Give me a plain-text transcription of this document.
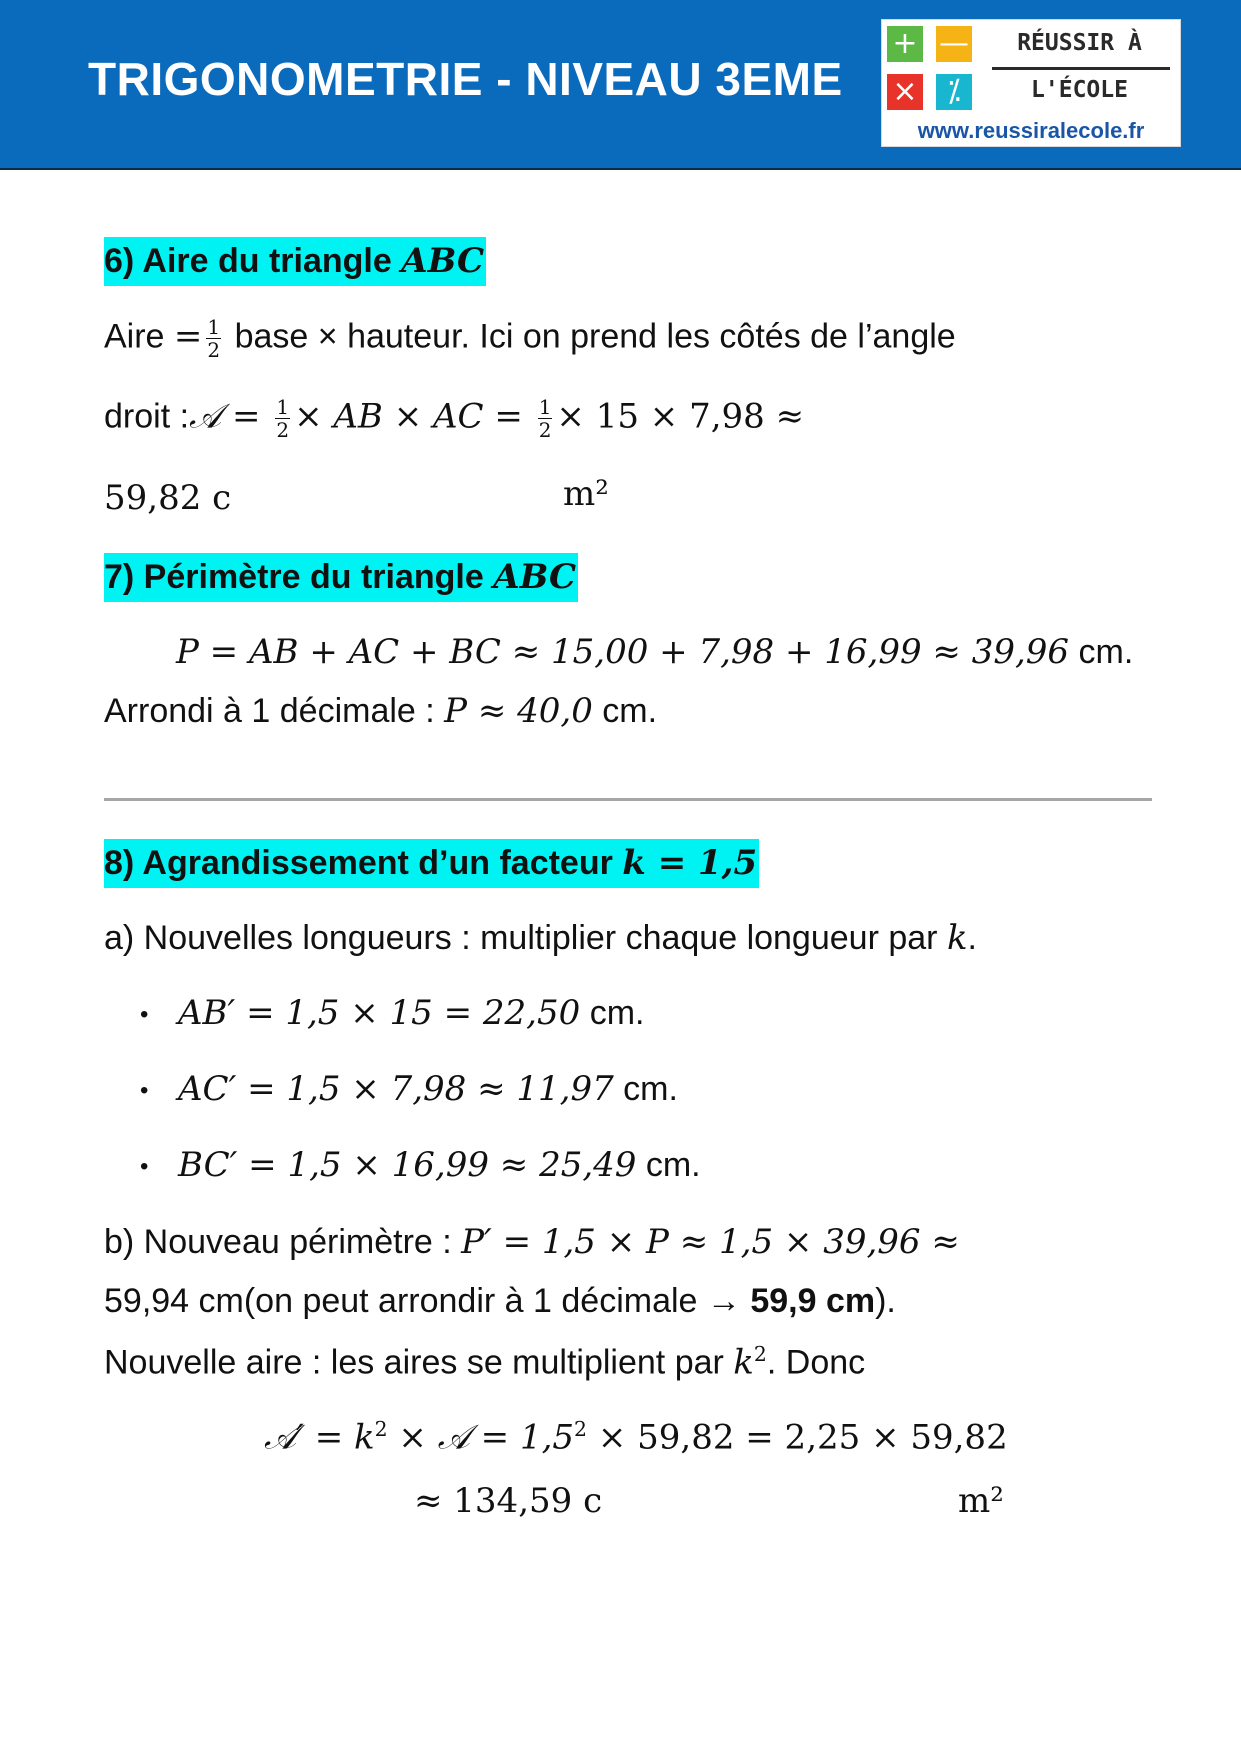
TRIGONOMETRIE - NIVEAU 3EME
+ —
× ⁒
RÉUSSIR À
L'ÉCOLE
www.reussiralecole.fr
6) Aire du triangle ABC
Aire = $\frac{1}{2}$ base × hauteur. Ici on prend les côtés de l’angle
droit :𝒜 = $\frac{1}{2}$ × AB × AC = $\frac{1}{2} \times 15 \times 7,98$ ≈
59,82 c	m²
7) Périmètre du triangle ABC
P = AB + AC + BC ≈ 15,00 + 7,98 + 16,99 ≈ 39,96 cm.
Arrondi à 1 décimale : P ≈ 40,0 cm.
8) Agrandissement d’un facteur k = 1,5
a) Nouvelles longueurs : multiplier chaque longueur par k.
• AB′ = 1,5 × 15 = 22,50 cm.
• AC′ = 1,5 × 7,98 ≈ 11,97 cm.
• BC′ = 1,5 × 16,99 ≈ 25,49 cm.
b) Nouveau périmètre : P′ = 1,5 × P ≈ 1,5 × 39,96 ≈
59,94 cm(on peut arrondir à 1 décimale → 59,9 cm).
Nouvelle aire : les aires se multiplient par $k^2$. Donc
𝒜′ = $k^2$ × 𝒜 = $1,5^2 \times 59,82 = 2,25 \times 59,82$
≈ 134,59 c	m²
